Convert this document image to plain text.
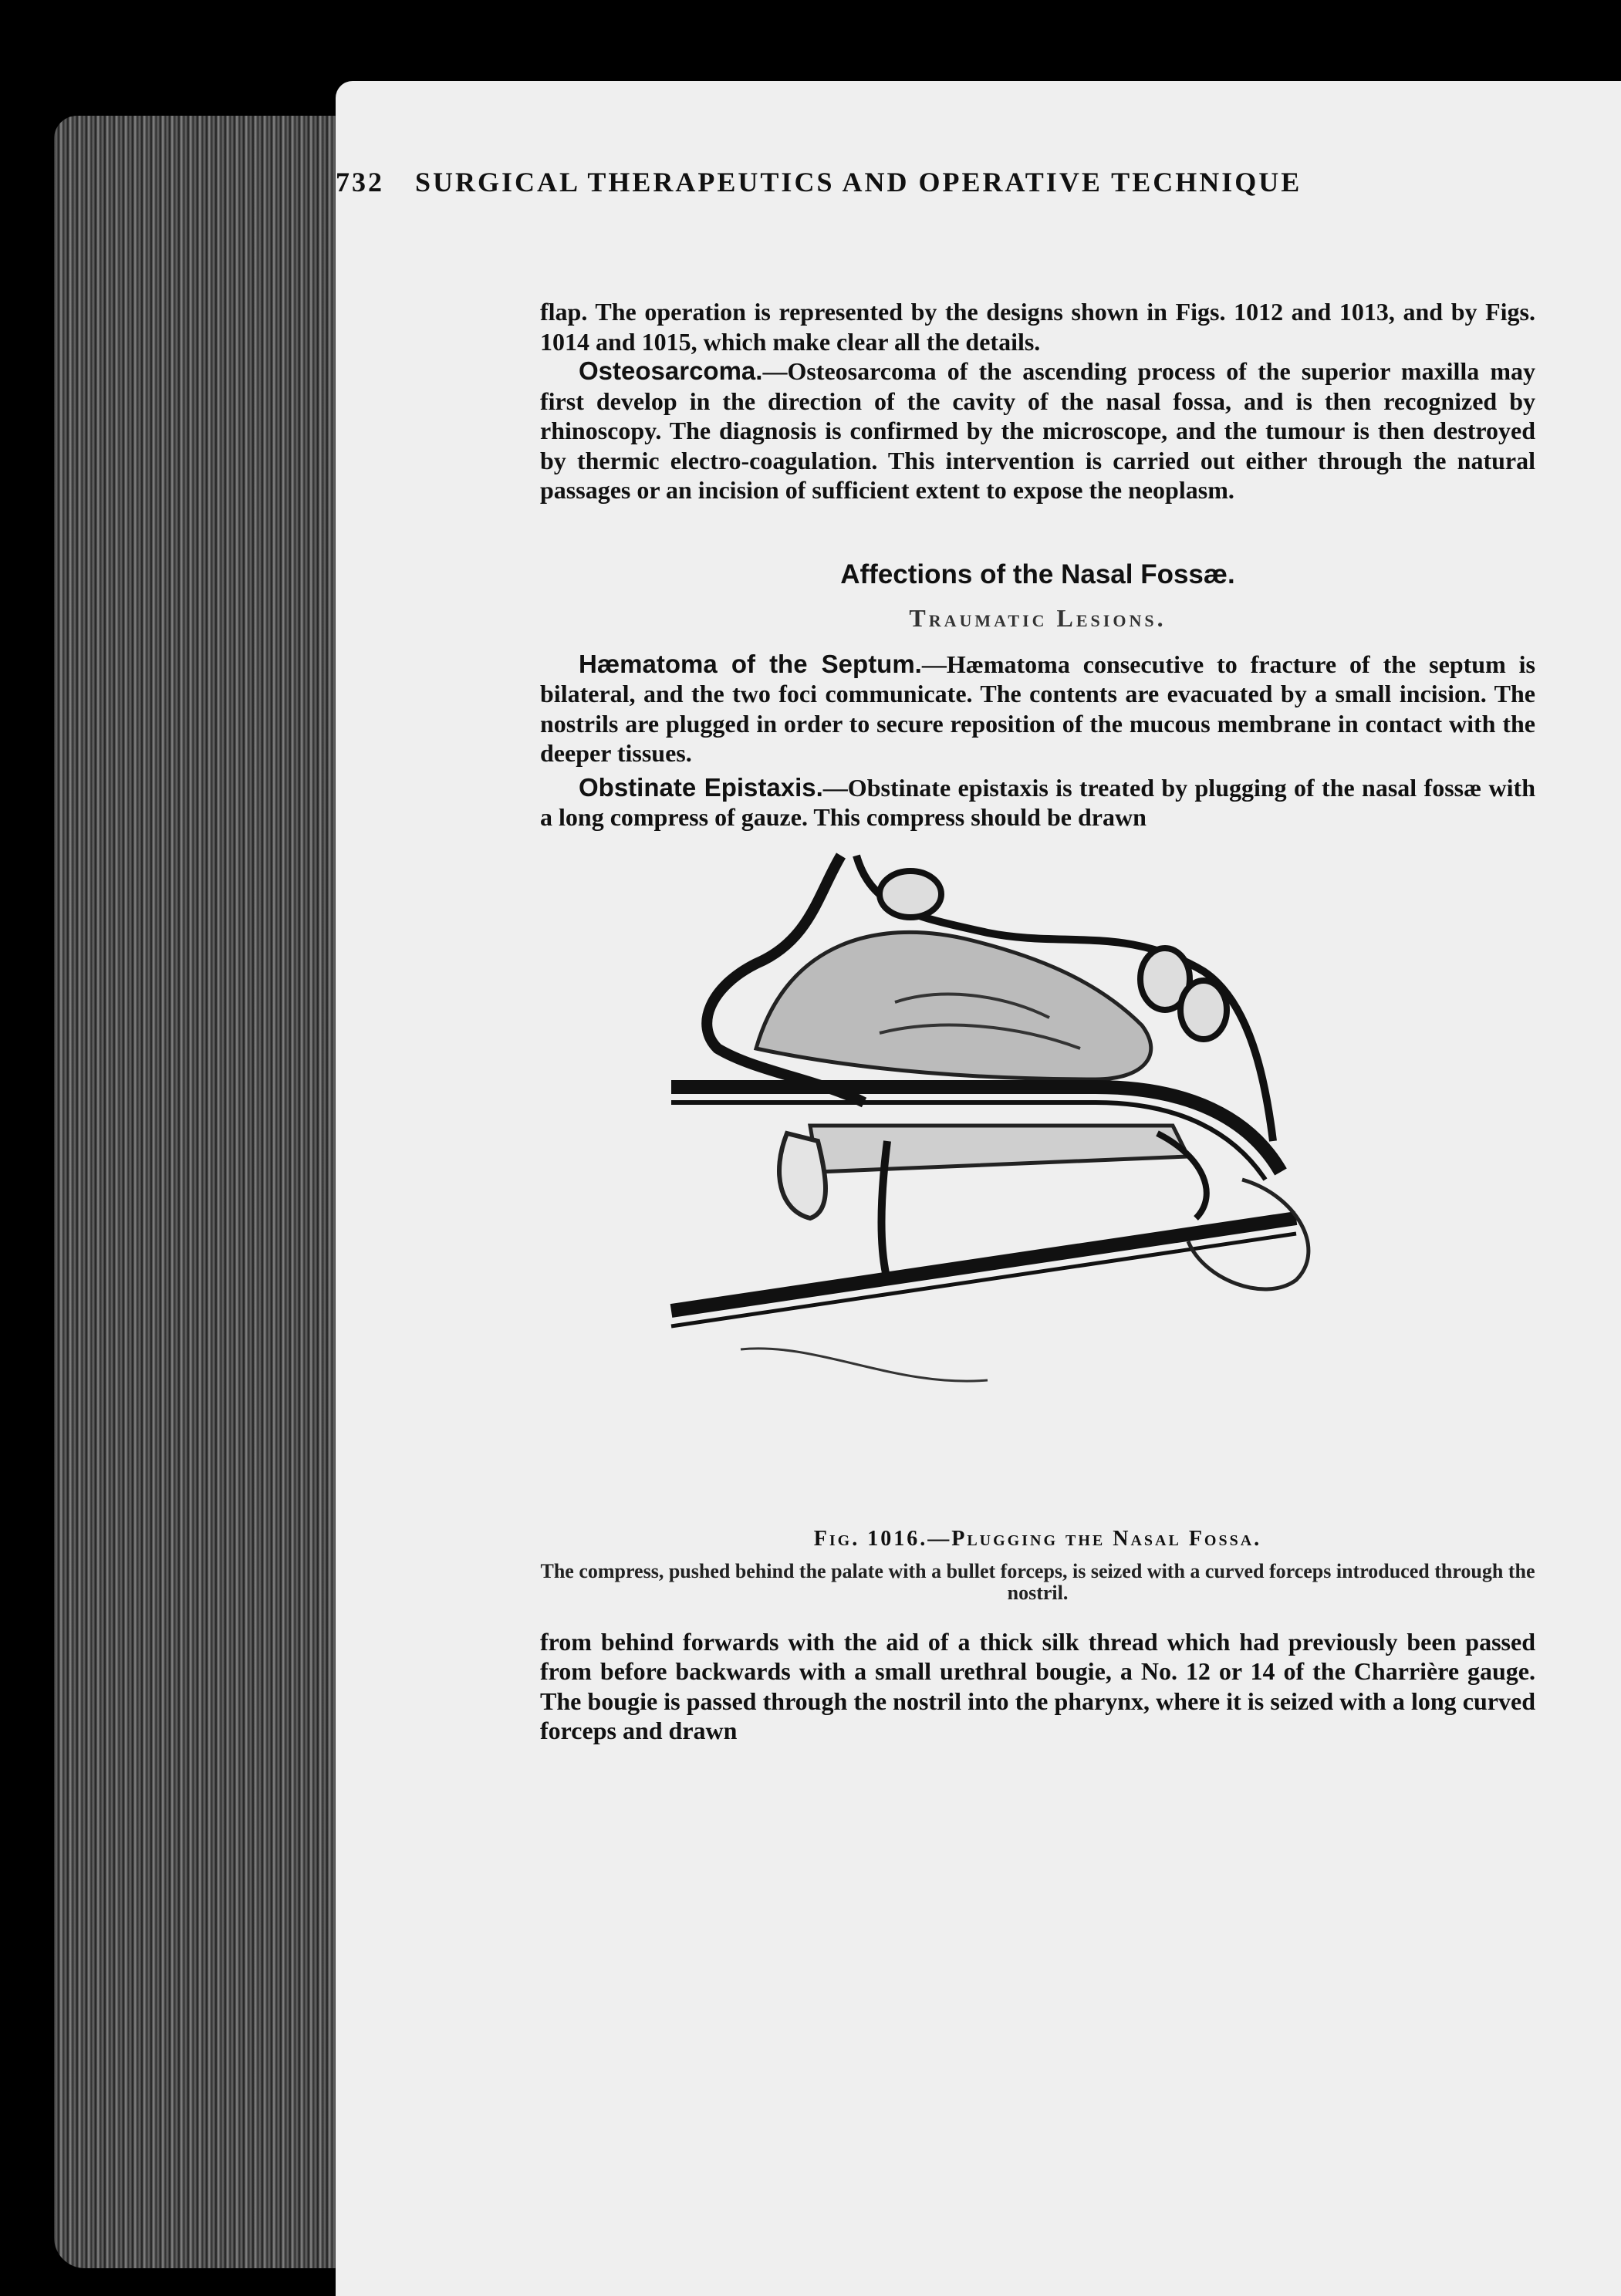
732 SURGICAL THERAPEUTICS AND OPERATIVE TECHNIQUE

flap. The operation is represented by the designs shown in Figs. 1012 and 1013, and by Figs. 1014 and 1015, which make clear all the details.

Osteosarcoma.—Osteosarcoma of the ascending process of the superior maxilla may first develop in the direction of the cavity of the nasal fossa, and is then recognized by rhinoscopy. The diagnosis is confirmed by the microscope, and the tumour is then destroyed by thermic electro-coagulation. This intervention is carried out either through the natural passages or an incision of sufficient extent to expose the neoplasm.

Affections of the Nasal Fossæ.

Traumatic Lesions.

Hæmatoma of the Septum.—Hæmatoma consecutive to fracture of the septum is bilateral, and the two foci communicate. The contents are evacuated by a small incision. The nostrils are plugged in order to secure reposition of the mucous membrane in contact with the deeper tissues.

Obstinate Epistaxis.—Obstinate epistaxis is treated by plugging of the nasal fossæ with a long compress of gauze. This compress should be drawn

Fig. 1016.—Plugging the Nasal Fossa.

The compress, pushed behind the palate with a bullet forceps, is seized with a curved forceps introduced through the nostril.

from behind forwards with the aid of a thick silk thread which had previously been passed from before backwards with a small urethral bougie, a No. 12 or 14 of the Charrière gauge. The bougie is passed through the nostril into the pharynx, where it is seized with a long curved forceps and drawn
